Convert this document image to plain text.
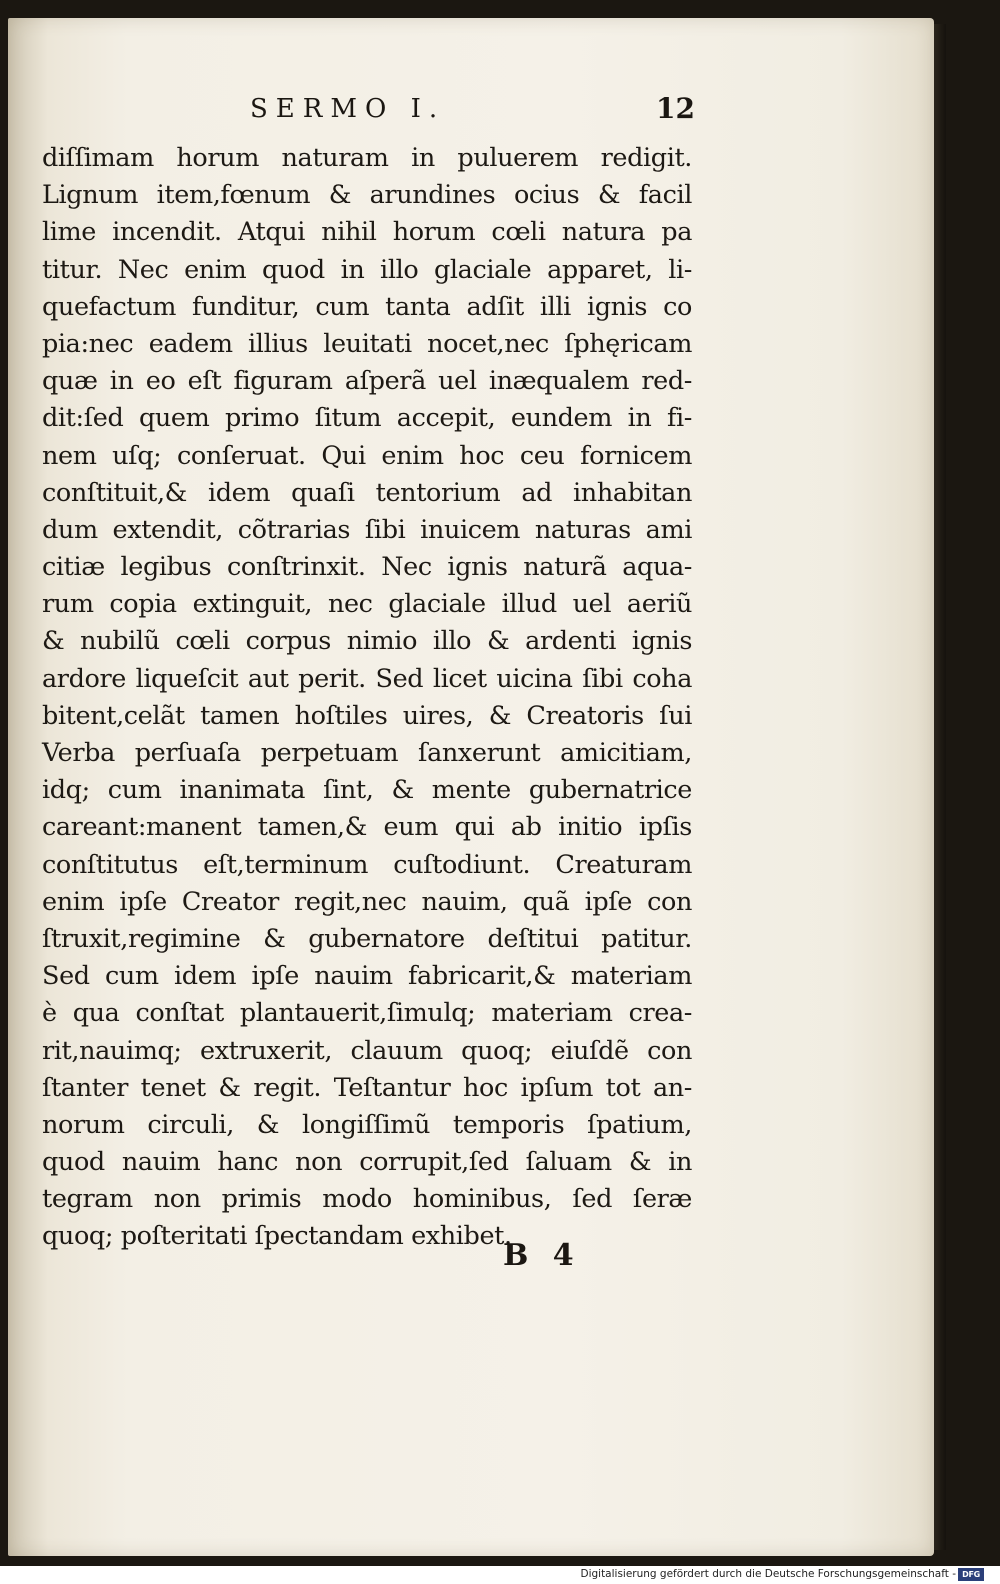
SERMO I.	12
diſſimam horum naturam in puluerem redigit.
Lignum item,fœnum & arundines ocius & facil
lime incendit. Atqui nihil horum cœli natura pa
titur. Nec enim quod in illo glaciale apparet, li-
quefactum funditur, cum tanta adſit illi ignis co
pia:nec eadem illius leuitati nocet,nec ſphęricam
quæ in eo eſt figuram aſperã uel inæqualem red-
dit:ſed quem primo ſitum accepit, eundem in fi-
nem uſq; conſeruat. Qui enim hoc ceu fornicem
conſtituit,& idem quaſi tentorium ad inhabitan
dum extendit, cõtrarias ſibi inuicem naturas ami
citiæ legibus conſtrinxit. Nec ignis naturã aqua-
rum copia extinguit, nec glaciale illud uel aeriũ
& nubilũ cœli corpus nimio illo & ardenti ignis
ardore liqueſcit aut perit. Sed licet uicina ſibi coha
bitent,celãt tamen hoſtiles uires, & Creatoris ſui
Verba perſuaſa perpetuam ſanxerunt amicitiam,
idq; cum inanimata ſint, & mente gubernatrice
careant:manent tamen,& eum qui ab initio ipſis
conſtitutus eſt,terminum cuſtodiunt. Creaturam
enim ipſe Creator regit,nec nauim, quã ipſe con
ſtruxit,regimine & gubernatore deſtitui patitur.
Sed cum idem ipſe nauim fabricarit,& materiam
è qua conſtat plantauerit,ſimulq; materiam crea-
rit,nauimq; extruxerit, clauum quoq; eiuſdẽ con
ſtanter tenet & regit. Teſtantur hoc ipſum tot an-
norum circuli, & longiſſimũ temporis ſpatium,
quod nauim hanc non corrupit,ſed ſaluam & in
tegram non primis modo hominibus, ſed ſeræ
quoq; poſteritati ſpectandam exhibet.
B 4
Digitalisierung gefördert durch die Deutsche Forschungsgemeinschaft - DFG
